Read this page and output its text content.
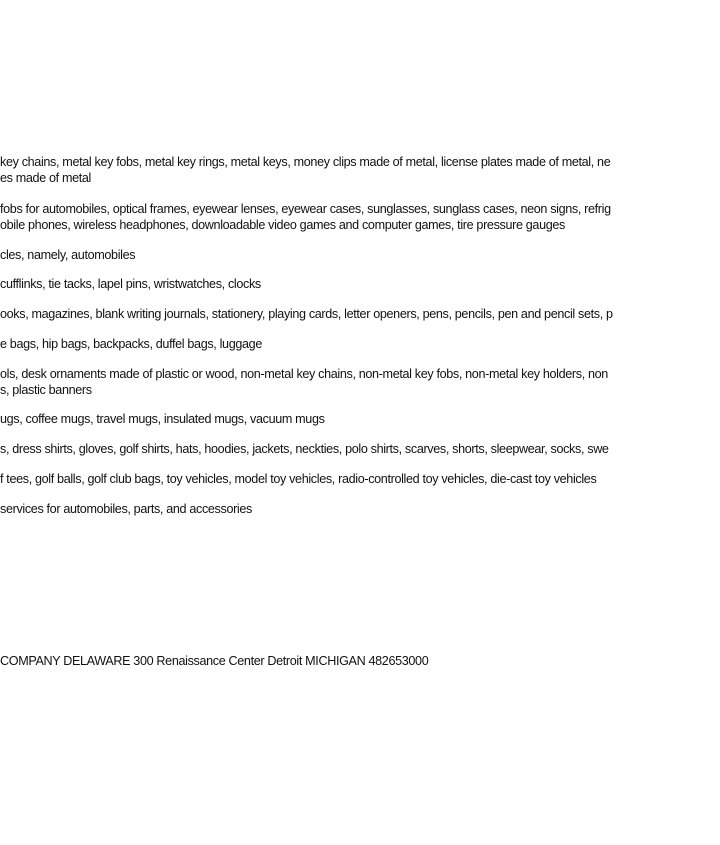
key chains, metal key fobs, metal key rings, metal keys, money clips made of metal, license plates made of metal, ne
es made of metal
fobs for automobiles, optical frames, eyewear lenses, eyewear cases, sunglasses, sunglass cases, neon signs, refrig
obile phones, wireless headphones, downloadable video games and computer games, tire pressure gauges
cles, namely, automobiles
cufflinks, tie tacks, lapel pins, wristwatches, clocks
ooks, magazines, blank writing journals, stationery, playing cards, letter openers, pens, pencils, pen and pencil sets, p
e bags, hip bags, backpacks, duffel bags, luggage
ols, desk ornaments made of plastic or wood, non-metal key chains, non-metal key fobs, non-metal key holders, non
s, plastic banners
ugs, coffee mugs, travel mugs, insulated mugs, vacuum mugs
s, dress shirts, gloves, golf shirts, hats, hoodies, jackets, neckties, polo shirts, scarves, shorts, sleepwear, socks, swe
f tees, golf balls, golf club bags, toy vehicles, model toy vehicles, radio-controlled toy vehicles, die-cast toy vehicles
services for automobiles, parts, and accessories
COMPANY DELAWARE 300 Renaissance Center Detroit MICHIGAN 482653000
